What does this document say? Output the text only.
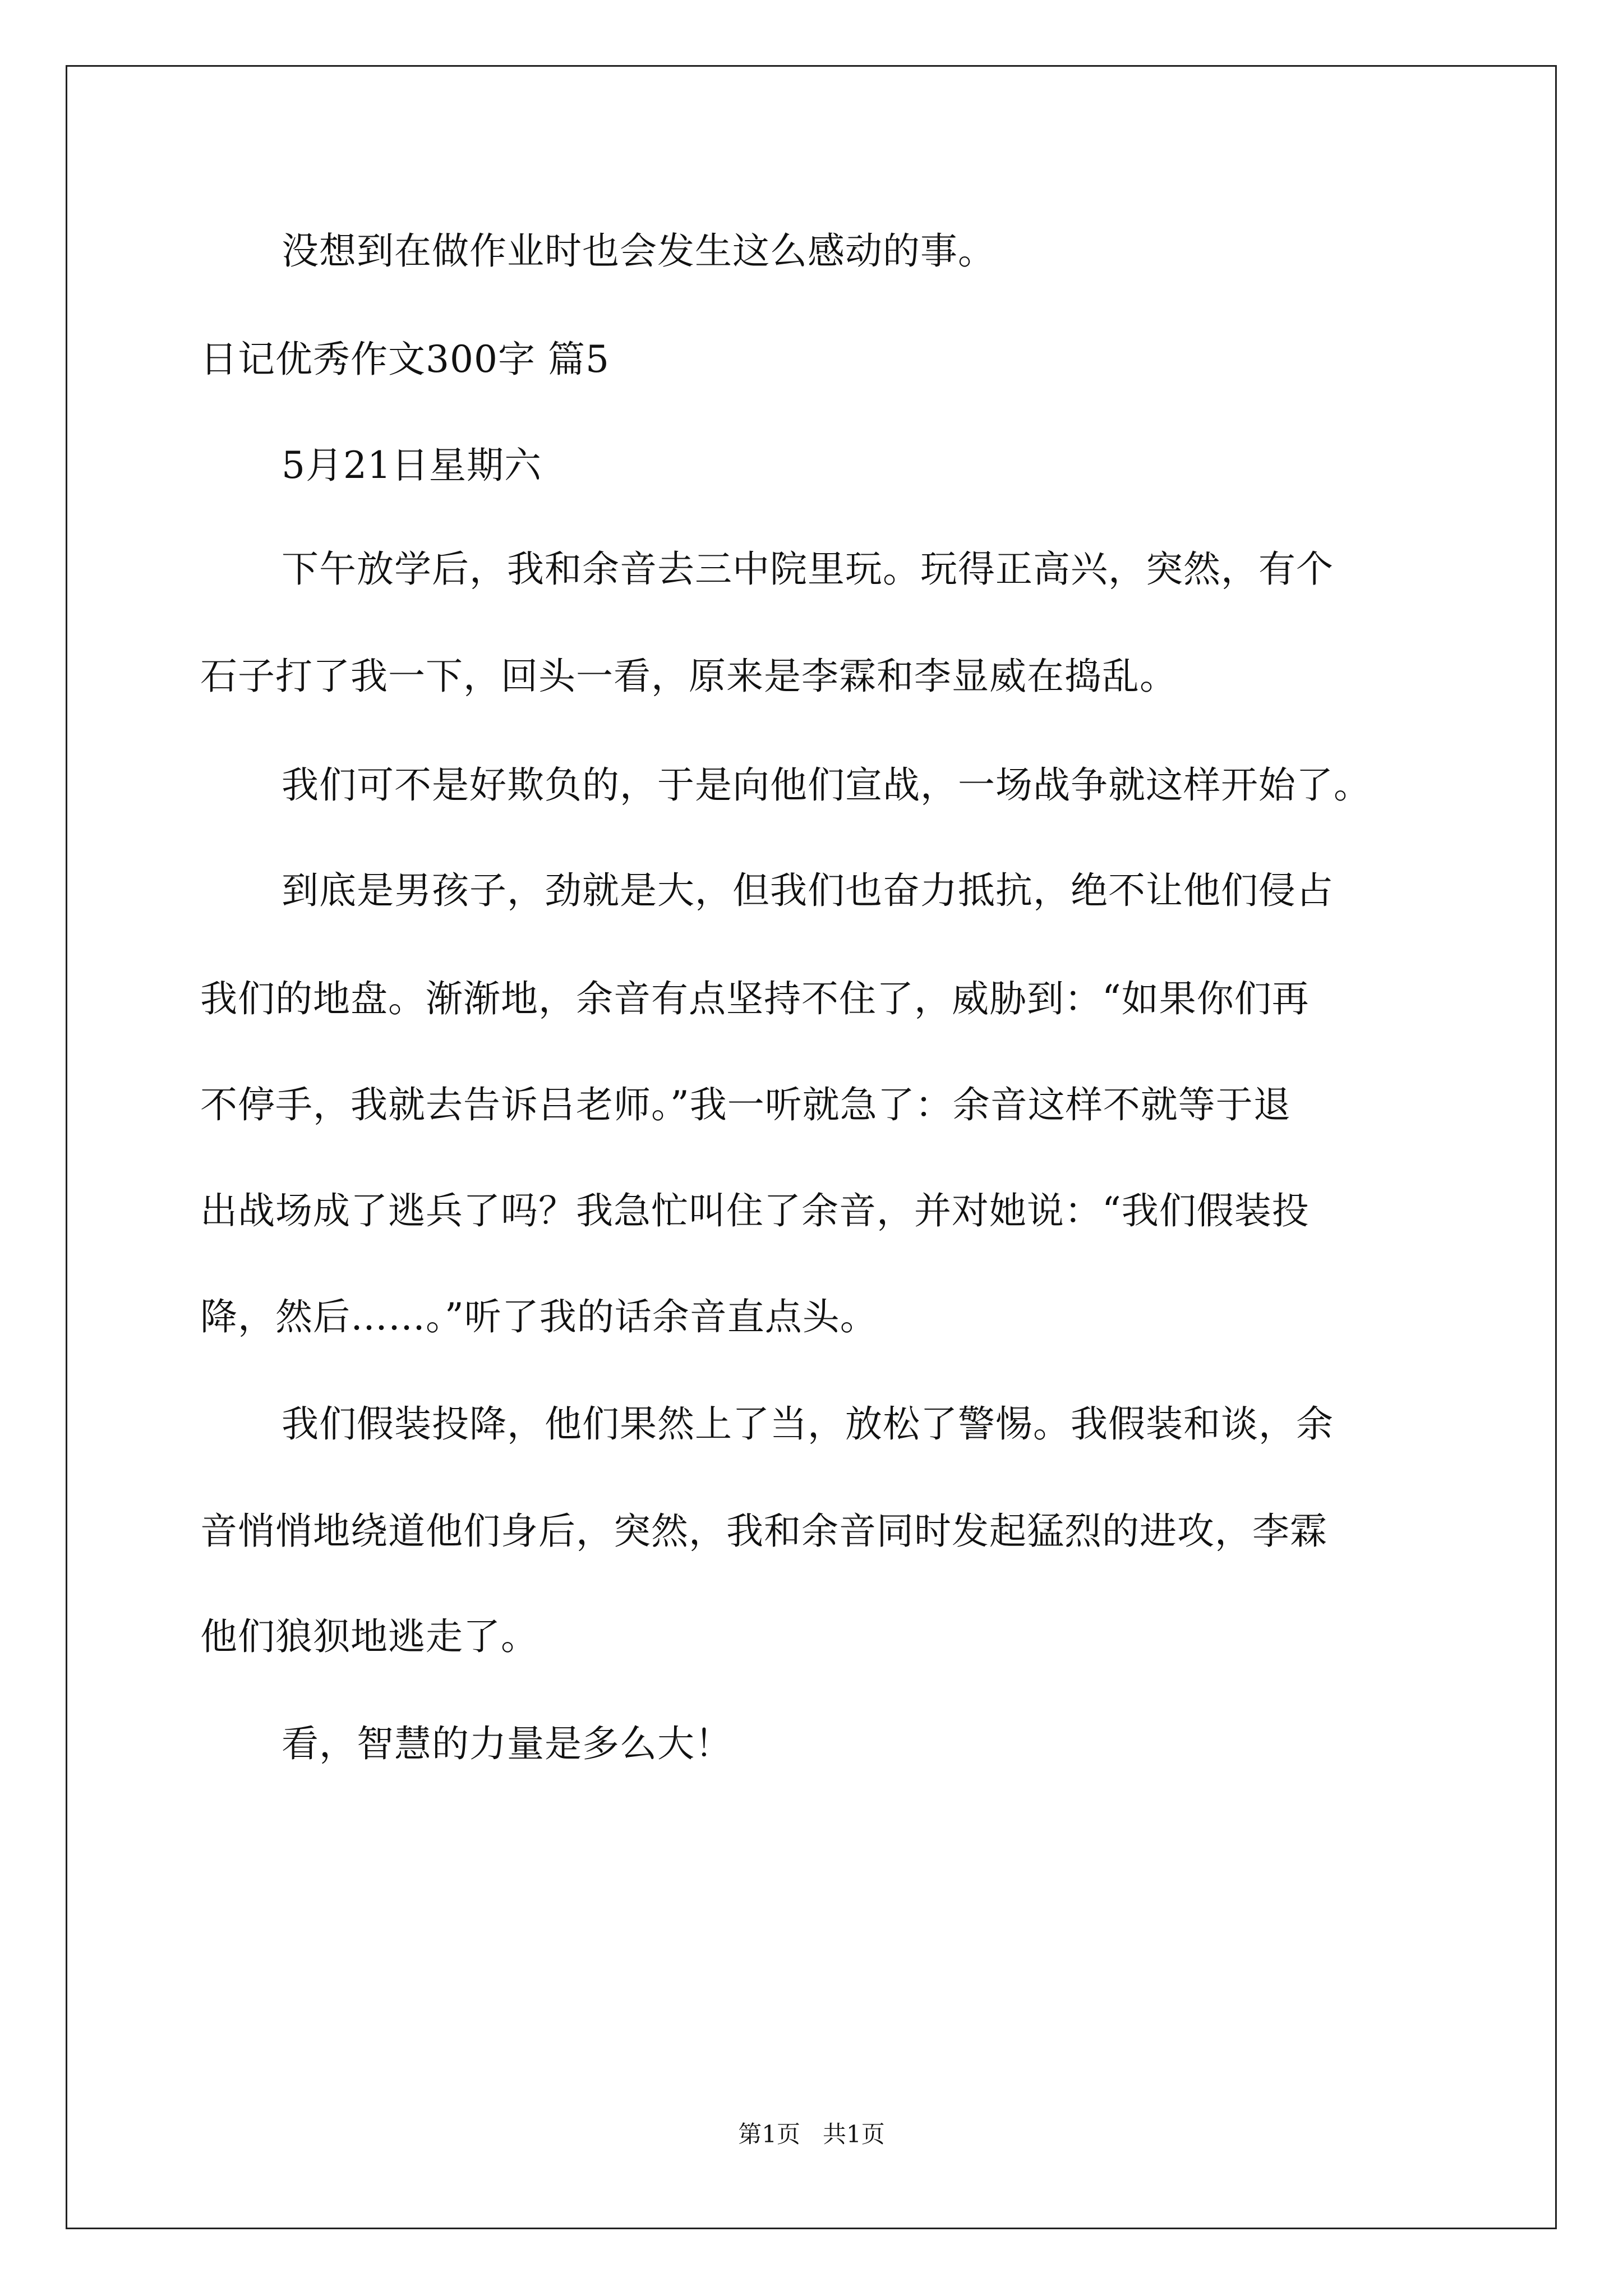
没想到在做作业时也会发生这么感动的事。
日记优秀作文300字 篇5
5月21日星期六
下午放学后，我和余音去三中院里玩。玩得正高兴，突然，有个
石子打了我一下，回头一看，原来是李霖和李显威在捣乱。
我们可不是好欺负的，于是向他们宣战，一场战争就这样开始了。
到底是男孩子，劲就是大，但我们也奋力抵抗，绝不让他们侵占
我们的地盘。渐渐地，余音有点坚持不住了，威胁到：“如果你们再
不停手，我就去告诉吕老师。”我一听就急了：余音这样不就等于退
出战场成了逃兵了吗？我急忙叫住了余音，并对她说：“我们假装投
降，然后……。”听了我的话余音直点头。
我们假装投降，他们果然上了当，放松了警惕。我假装和谈，余
音悄悄地绕道他们身后，突然，我和余音同时发起猛烈的进攻，李霖
他们狼狈地逃走了。
看，智慧的力量是多么大！
第1页   共1页
